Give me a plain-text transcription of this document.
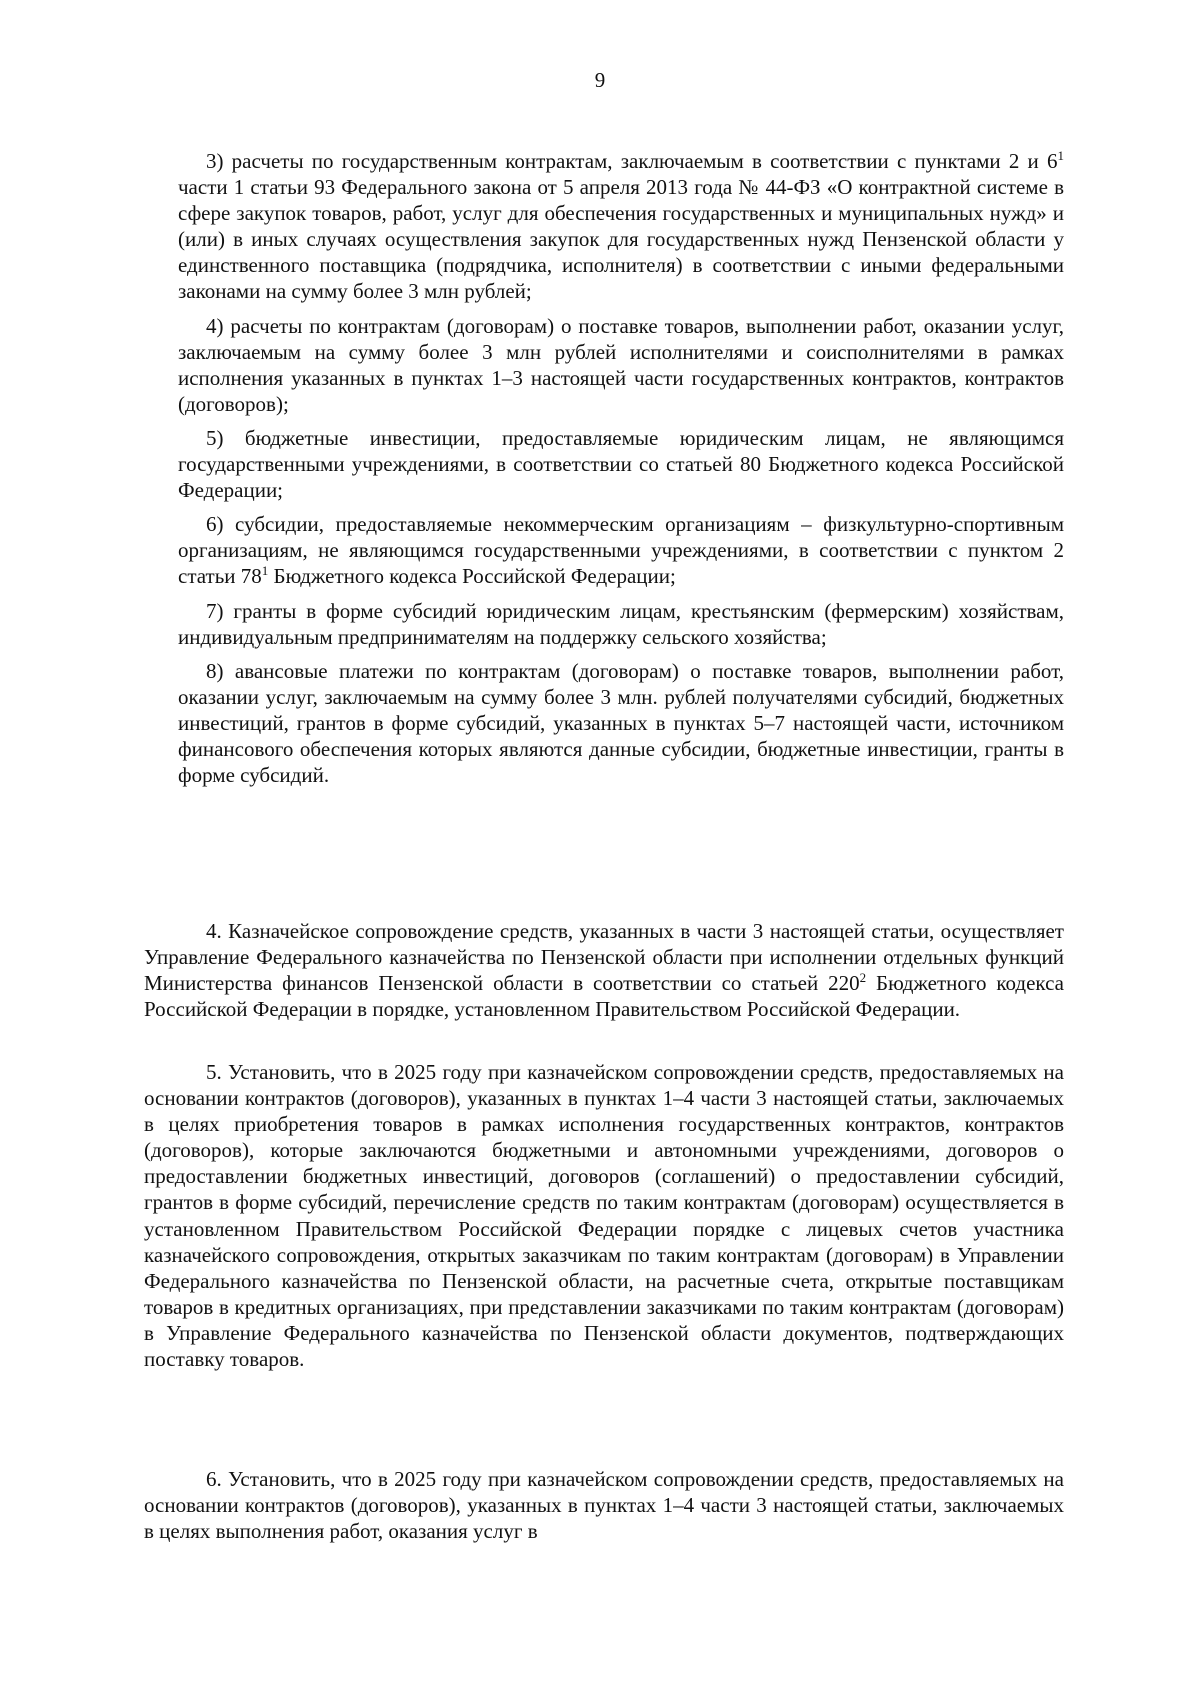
9

3) расчеты по государственным контрактам, заключаемым в соответствии с пунктами 2 и $6^1$ части 1 статьи 93 Федерального закона от 5 апреля 2013 года № 44-ФЗ «О контрактной системе в сфере закупок товаров, работ, услуг для обеспечения государственных и муниципальных нужд» и (или) в иных случаях осуществления закупок для государственных нужд Пензенской области у единственного поставщика (подрядчика, исполнителя) в соответствии с иными федеральными законами на сумму более 3 млн рублей;

4) расчеты по контрактам (договорам) о поставке товаров, выполнении работ, оказании услуг, заключаемым на сумму более 3 млн рублей исполнителями и соисполнителями в рамках исполнения указанных в пунктах 1–3 настоящей части государственных контрактов, контрактов (договоров);

5) бюджетные инвестиции, предоставляемые юридическим лицам, не являющимся государственными учреждениями, в соответствии со статьей 80 Бюджетного кодекса Российской Федерации;

6) субсидии, предоставляемые некоммерческим организациям – физкультурно-спортивным организациям, не являющимся государственными учреждениями, в соответствии с пунктом 2 статьи $78^1$ Бюджетного кодекса Российской Федерации;

7) гранты в форме субсидий юридическим лицам, крестьянским (фермерским) хозяйствам, индивидуальным предпринимателям на поддержку сельского хозяйства;

8) авансовые платежи по контрактам (договорам) о поставке товаров, выполнении работ, оказании услуг, заключаемым на сумму более 3 млн. рублей получателями субсидий, бюджетных инвестиций, грантов в форме субсидий, указанных в пунктах 5–7 настоящей части, источником финансового обеспечения которых являются данные субсидии, бюджетные инвестиции, гранты в форме субсидий.

4. Казначейское сопровождение средств, указанных в части 3 настоящей статьи, осуществляет Управление Федерального казначейства по Пензенской области при исполнении отдельных функций Министерства финансов Пензенской области в соответствии со статьей $220^2$ Бюджетного кодекса Российской Федерации в порядке, установленном Правительством Российской Федерации.

5. Установить, что в 2025 году при казначейском сопровождении средств, предоставляемых на основании контрактов (договоров), указанных в пунктах 1–4 части 3 настоящей статьи, заключаемых в целях приобретения товаров в рамках исполнения государственных контрактов, контрактов (договоров), которые заключаются бюджетными и автономными учреждениями, договоров о предоставлении бюджетных инвестиций, договоров (соглашений) о предоставлении субсидий, грантов в форме субсидий, перечисление средств по таким контрактам (договорам) осуществляется в установленном Правительством Российской Федерации порядке с лицевых счетов участника казначейского сопровождения, открытых заказчикам по таким контрактам (договорам) в Управлении Федерального казначейства по Пензенской области, на расчетные счета, открытые поставщикам товаров в кредитных организациях, при представлении заказчиками по таким контрактам (договорам) в Управление Федерального казначейства по Пензенской области документов, подтверждающих поставку товаров.

6. Установить, что в 2025 году при казначейском сопровождении средств, предоставляемых на основании контрактов (договоров), указанных в пунктах 1–4 части 3 настоящей статьи, заключаемых в целях выполнения работ, оказания услуг в
